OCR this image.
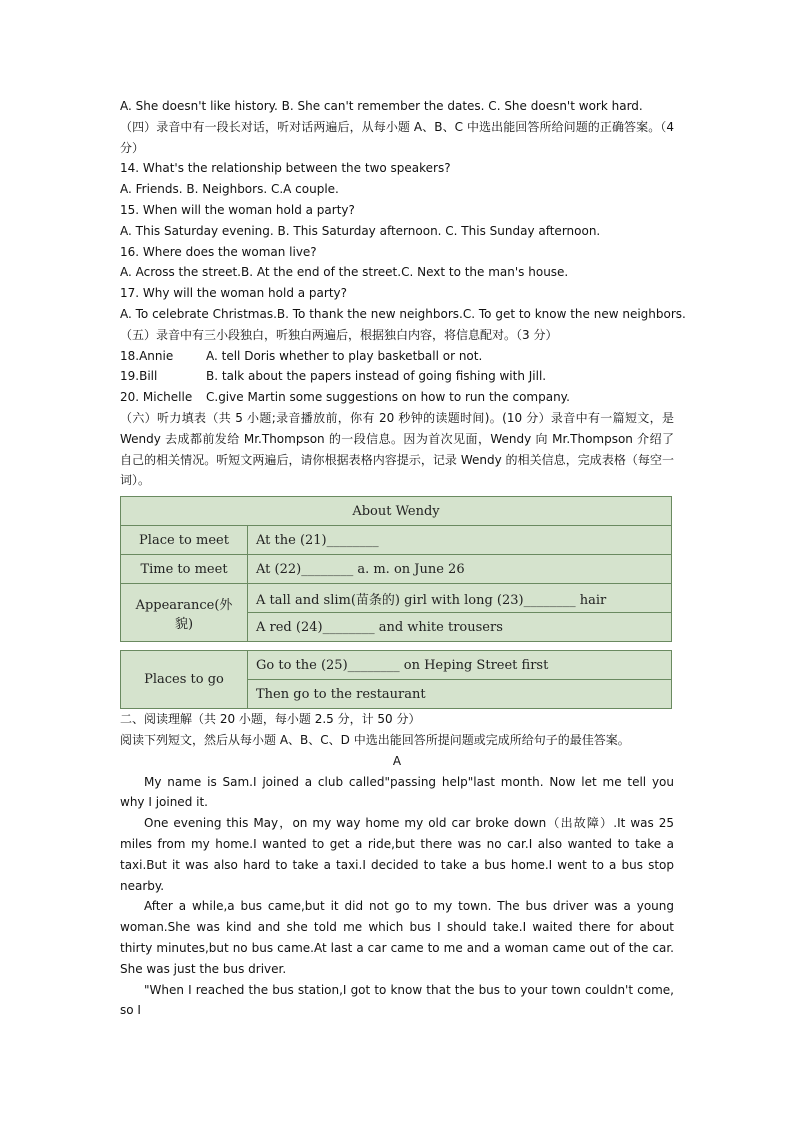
A. She doesn't like history. B. She can't remember the dates. C. She doesn't work hard.
（四）录音中有一段长对话，听对话两遍后，从每小题 A、B、C 中选出能回答所给问题的正确答案。（4 分）
14. What's the relationship between the two speakers?
A. Friends. B. Neighbors. C.A couple.
15. When will the woman hold a party?
A. This Saturday evening. B. This Saturday afternoon. C. This Sunday afternoon.
16. Where does the woman live?
A. Across the street.B. At the end of the street.C. Next to the man's house.
17. Why will the woman hold a party?
A. To celebrate Christmas.B. To thank the new neighbors.C. To get to know the new neighbors.
（五）录音中有三小段独白，听独白两遍后，根据独白内容，将信息配对。（3 分）
18.Annie	A. tell Doris whether to play basketball or not.
19.Bill	B. talk about the papers instead of going fishing with Jill.
20. Michelle C.give Martin some suggestions on how to run the company.
（六）听力填表（共 5 小题;录音播放前，你有 20 秒钟的读题时间)。(10 分）录音中有一篇短文，是 Wendy 去成都前发给 Mr.Thompson 的一段信息。因为首次见面，Wendy 向 Mr.Thompson 介绍了自己的相关情况。听短文两遍后，请你根据表格内容提示，记录 Wendy 的相关信息，完成表格（每空一词）。
About Wendy	
Place to meet	At the (21)________
Time to meet	At (22)________ a. m. on June 26
Appearance(外貌)	A tall and slim(苗条的) girl with long (23)________ hair
	A red (24)________ and white trousers
Places to go	Go to the (25)________ on Heping Street first
Then go to the restaurant
二、阅读理解（共 20 小题，每小题 2.5 分，计 50 分）
阅读下列短文，然后从每小题 A、B、C、D 中选出能回答所提问题或完成所给句子的最佳答案。
A
My name is Sam.I joined a club called"passing help"last month. Now let me tell you why I joined it.
One evening this May，on my way home my old car broke down（出故障）.It was 25 miles from my home.I wanted to get a ride,but there was no car.I also wanted to take a taxi.But it was also hard to take a taxi.I decided to take a bus home.I went to a bus stop nearby.
After a while,a bus came,but it did not go to my town. The bus driver was a young woman.She was kind and she told me which bus I should take.I waited there for about thirty minutes,but no bus came.At last a car came to me and a woman came out of the car. She was just the bus driver.
"When I reached the bus station,I got to know that the bus to your town couldn't come, so I
